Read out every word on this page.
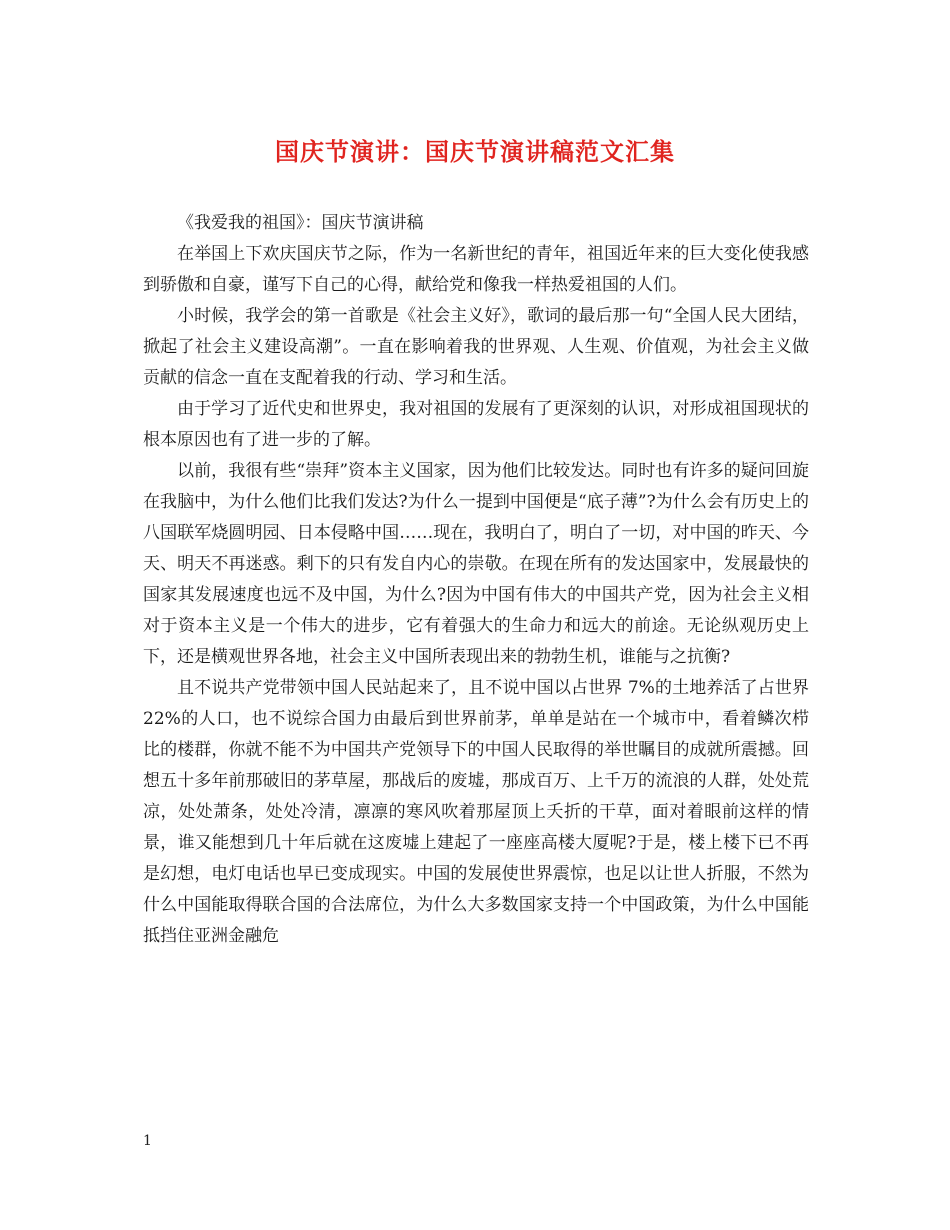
国庆节演讲：国庆节演讲稿范文汇集

《我爱我的祖国》：国庆节演讲稿

在举国上下欢庆国庆节之际，作为一名新世纪的青年，祖国近年来的巨大变化使我感到骄傲和自豪，谨写下自己的心得，献给党和像我一样热爱祖国的人们。

小时候，我学会的第一首歌是《社会主义好》，歌词的最后那一句“全国人民大团结，掀起了社会主义建设高潮”。一直在影响着我的世界观、人生观、价值观，为社会主义做贡献的信念一直在支配着我的行动、学习和生活。

由于学习了近代史和世界史，我对祖国的发展有了更深刻的认识，对形成祖国现状的根本原因也有了进一步的了解。

以前，我很有些“崇拜”资本主义国家，因为他们比较发达。同时也有许多的疑问回旋在我脑中，为什么他们比我们发达?为什么一提到中国便是“底子薄”?为什么会有历史上的八国联军烧圆明园、日本侵略中国……现在，我明白了，明白了一切，对中国的昨天、今天、明天不再迷惑。剩下的只有发自内心的崇敬。在现在所有的发达国家中，发展最快的国家其发展速度也远不及中国，为什么?因为中国有伟大的中国共产党，因为社会主义相对于资本主义是一个伟大的进步，它有着强大的生命力和远大的前途。无论纵观历史上下，还是横观世界各地，社会主义中国所表现出来的勃勃生机，谁能与之抗衡?

且不说共产党带领中国人民站起来了，且不说中国以占世界 7%的土地养活了占世界 22%的人口，也不说综合国力由最后到世界前茅，单单是站在一个城市中，看着鳞次栉比的楼群，你就不能不为中国共产党领导下的中国人民取得的举世瞩目的成就所震撼。回想五十多年前那破旧的茅草屋，那战后的废墟，那成百万、上千万的流浪的人群，处处荒凉，处处萧条，处处冷清，凛凛的寒风吹着那屋顶上夭折的干草，面对着眼前这样的情景，谁又能想到几十年后就在这废墟上建起了一座座高楼大厦呢?于是，楼上楼下已不再是幻想，电灯电话也早已变成现实。中国的发展使世界震惊，也足以让世人折服，不然为什么中国能取得联合国的合法席位，为什么大多数国家支持一个中国政策，为什么中国能抵挡住亚洲金融危

1
